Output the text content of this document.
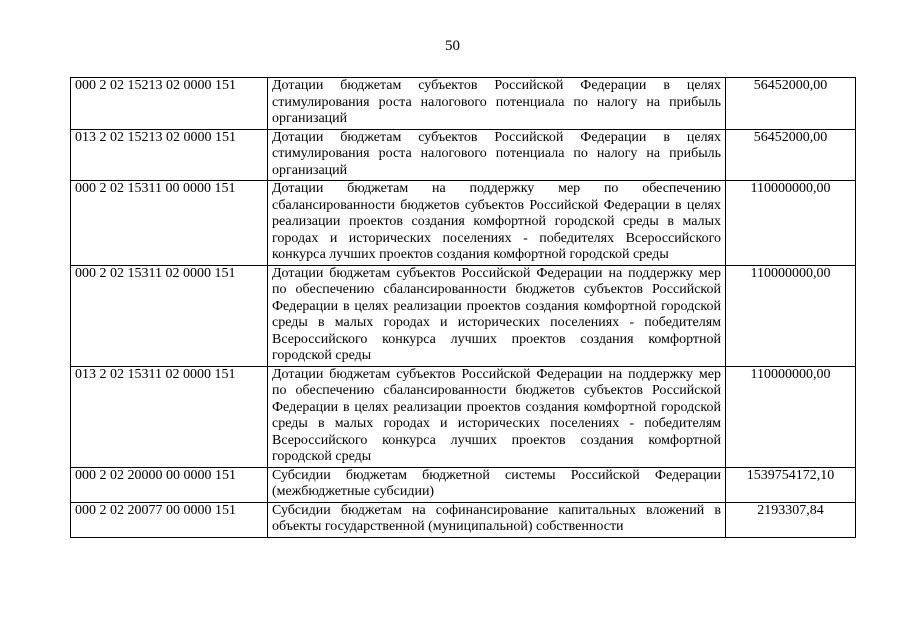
50
000 2 02 15213 02 0000 151	Дотации бюджетам субъектов Российской Федерации в целях стимулирования роста налогового потенциала по налогу на прибыль организаций	56452000,00
013 2 02 15213 02 0000 151	Дотации бюджетам субъектов Российской Федерации в целях стимулирования роста налогового потенциала по налогу на прибыль организаций	56452000,00
000 2 02 15311 00 0000 151	Дотации бюджетам на поддержку мер по обеспечению сбалансированности бюджетов субъектов Российской Федерации в целях реализации проектов создания комфортной городской среды в малых городах и исторических поселениях - победителях Всероссийского конкурса лучших проектов создания комфортной городской среды	110000000,00
000 2 02 15311 02 0000 151	Дотации бюджетам субъектов Российской Федерации на поддержку мер по обеспечению сбалансированности бюджетов субъектов Российской Федерации в целях реализации проектов создания комфортной городской среды в малых городах и исторических поселениях - победителям Всероссийского конкурса лучших проектов создания комфортной городской среды	110000000,00
013 2 02 15311 02 0000 151	Дотации бюджетам субъектов Российской Федерации на поддержку мер по обеспечению сбалансированности бюджетов субъектов Российской Федерации в целях реализации проектов создания комфортной городской среды в малых городах и исторических поселениях - победителям Всероссийского конкурса лучших проектов создания комфортной городской среды	110000000,00
000 2 02 20000 00 0000 151	Субсидии бюджетам бюджетной системы Российской Федерации (межбюджетные субсидии)	1539754172,10
000 2 02 20077 00 0000 151	Субсидии бюджетам на софинансирование капитальных вложений в объекты государственной (муниципальной) собственности	2193307,84
